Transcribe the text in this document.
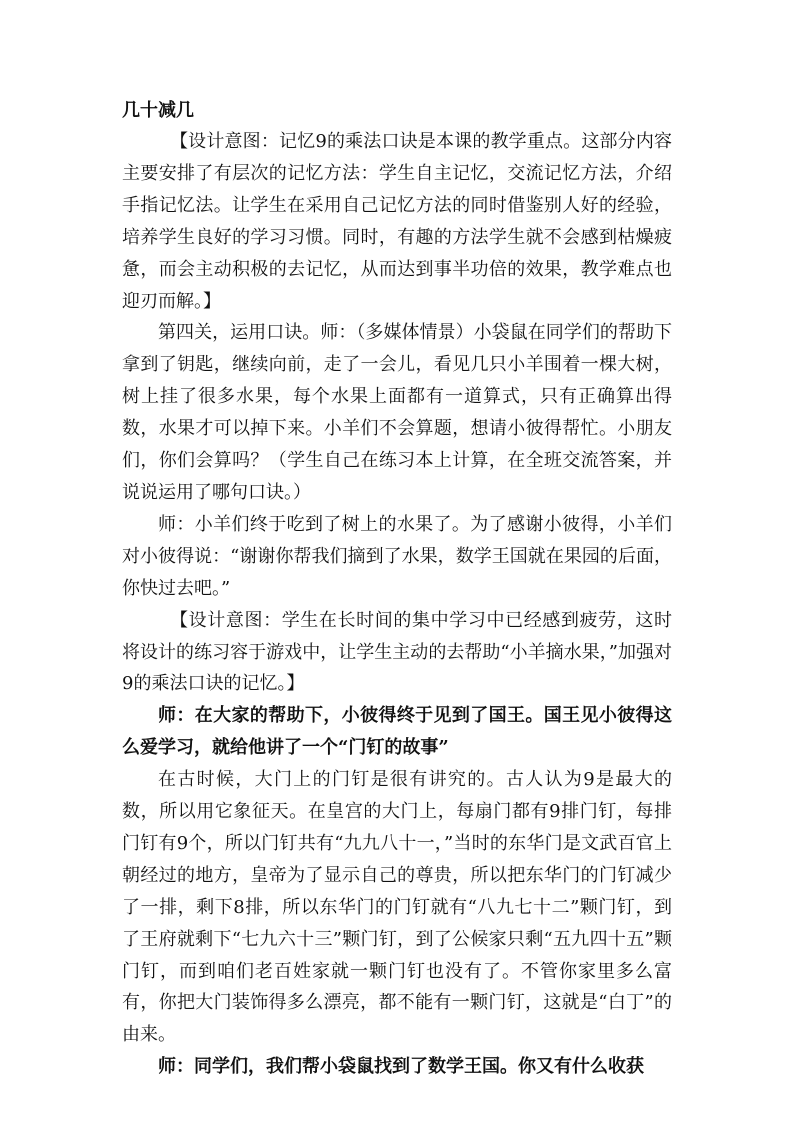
几十减几

【设计意图：记忆9的乘法口诀是本课的教学重点。这部分内容主要安排了有层次的记忆方法：学生自主记忆，交流记忆方法，介绍手指记忆法。让学生在采用自己记忆方法的同时借鉴别人好的经验，培养学生良好的学习习惯。同时，有趣的方法学生就不会感到枯燥疲惫，而会主动积极的去记忆，从而达到事半功倍的效果，教学难点也迎刃而解。】

第四关，运用口诀。师：（多媒体情景）小袋鼠在同学们的帮助下拿到了钥匙，继续向前，走了一会儿，看见几只小羊围着一棵大树，树上挂了很多水果，每个水果上面都有一道算式，只有正确算出得数，水果才可以掉下来。小羊们不会算题，想请小彼得帮忙。小朋友们，你们会算吗？（学生自己在练习本上计算，在全班交流答案，并说说运用了哪句口诀。）

师：小羊们终于吃到了树上的水果了。为了感谢小彼得，小羊们对小彼得说：“谢谢你帮我们摘到了水果，数学王国就在果园的后面，你快过去吧。”

【设计意图：学生在长时间的集中学习中已经感到疲劳，这时将设计的练习容于游戏中，让学生主动的去帮助“小羊摘水果，”加强对9的乘法口诀的记忆。】

师：在大家的帮助下，小彼得终于见到了国王。国王见小彼得这么爱学习，就给他讲了一个“门钉的故事”

在古时候，大门上的门钉是很有讲究的。古人认为9是最大的数，所以用它象征天。在皇宫的大门上，每扇门都有9排门钉，每排门钉有9个，所以门钉共有“九九八十一，”当时的东华门是文武百官上朝经过的地方，皇帝为了显示自己的尊贵，所以把东华门的门钉减少了一排，剩下8排，所以东华门的门钉就有“八九七十二”颗门钉，到了王府就剩下“七九六十三”颗门钉，到了公候家只剩“五九四十五”颗门钉，而到咱们老百姓家就一颗门钉也没有了。不管你家里多么富有，你把大门装饰得多么漂亮，都不能有一颗门钉，这就是“白丁”的由来。

师：同学们，我们帮小袋鼠找到了数学王国。你又有什么收获
